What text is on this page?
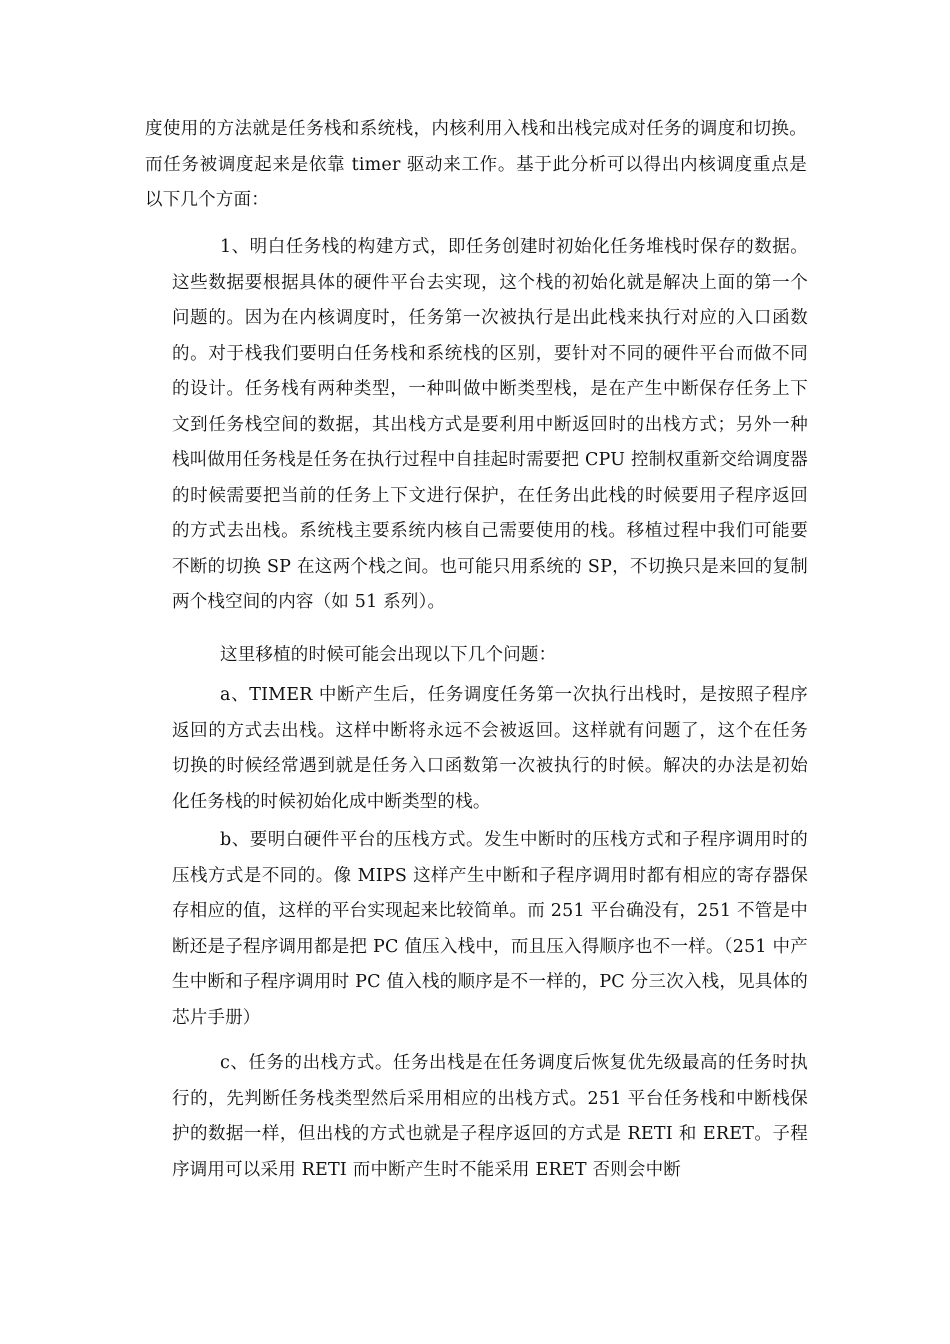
度使用的方法就是任务栈和系统栈，内核利用入栈和出栈完成对任务的调度和切换。而任务被调度起来是依靠 timer 驱动来工作。基于此分析可以得出内核调度重点是以下几个方面：

1、明白任务栈的构建方式，即任务创建时初始化任务堆栈时保存的数据。这些数据要根据具体的硬件平台去实现，这个栈的初始化就是解决上面的第一个问题的。因为在内核调度时，任务第一次被执行是出此栈来执行对应的入口函数的。对于栈我们要明白任务栈和系统栈的区别，要针对不同的硬件平台而做不同的设计。任务栈有两种类型，一种叫做中断类型栈，是在产生中断保存任务上下文到任务栈空间的数据，其出栈方式是要利用中断返回时的出栈方式；另外一种栈叫做用任务栈是任务在执行过程中自挂起时需要把 CPU 控制权重新交给调度器的时候需要把当前的任务上下文进行保护，在任务出此栈的时候要用子程序返回的方式去出栈。系统栈主要系统内核自己需要使用的栈。移植过程中我们可能要不断的切换 SP 在这两个栈之间。也可能只用系统的 SP，不切换只是来回的复制两个栈空间的内容（如 51 系列）。

这里移植的时候可能会出现以下几个问题：

a、TIMER 中断产生后，任务调度任务第一次执行出栈时，是按照子程序返回的方式去出栈。这样中断将永远不会被返回。这样就有问题了，这个在任务切换的时候经常遇到就是任务入口函数第一次被执行的时候。解决的办法是初始化任务栈的时候初始化成中断类型的栈。

b、要明白硬件平台的压栈方式。发生中断时的压栈方式和子程序调用时的压栈方式是不同的。像 MIPS 这样产生中断和子程序调用时都有相应的寄存器保存相应的值，这样的平台实现起来比较简单。而 251 平台确没有，251 不管是中断还是子程序调用都是把 PC 值压入栈中，而且压入得顺序也不一样。（251 中产生中断和子程序调用时 PC 值入栈的顺序是不一样的，PC 分三次入栈，见具体的芯片手册）

c、任务的出栈方式。任务出栈是在任务调度后恢复优先级最高的任务时执行的，先判断任务栈类型然后采用相应的出栈方式。251 平台任务栈和中断栈保护的数据一样，但出栈的方式也就是子程序返回的方式是 RETI 和 ERET。子程序调用可以采用 RETI 而中断产生时不能采用 ERET 否则会中断
